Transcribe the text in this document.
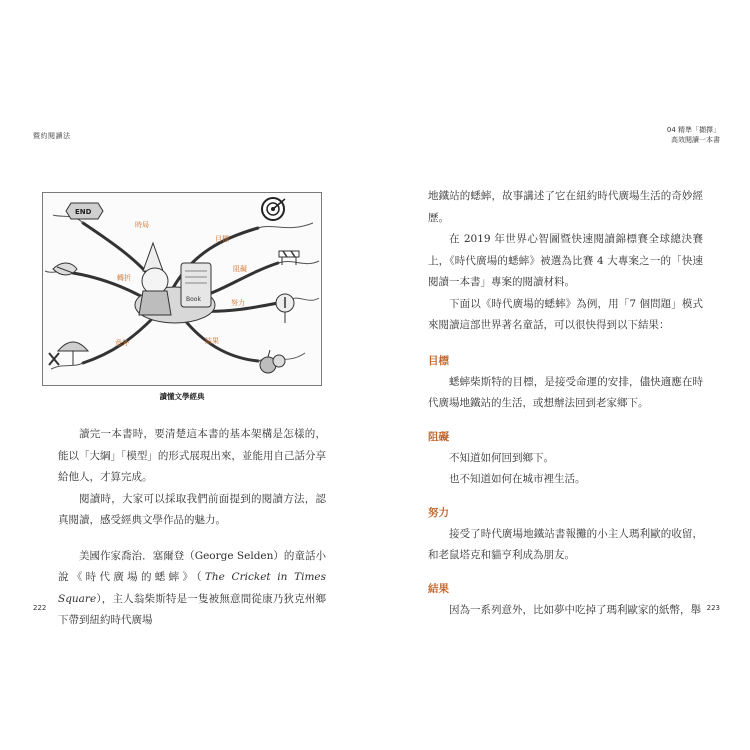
暨約閱讀法
04 精準「擷擇」
高效閱讀一本書
Book
END
時局
目標
轉折
阻礙
努力
意外	結果
讀懂文學經典

讀完一本書時，要清楚這本書的基本架構是怎樣的，能以「大綱」「模型」的形式展現出來，並能用自己話分享給他人，才算完成。

閱讀時，大家可以採取我們前面提到的閱讀方法，認真閱讀，感受經典文學作品的魅力。

美國作家喬治．塞爾登（George Selden）的童話小說《時代廣場的蟋蟀》（The Cricket in Times Square），主人翁柴斯特是一隻被無意間從康乃狄克州鄉下帶到紐約時代廣場

地鐵站的蟋蟀，故事講述了它在紐約時代廣場生活的奇妙經歷。

在 2019 年世界心智圖暨快速閱讀錦標賽全球總決賽上，《時代廣場的蟋蟀》被選為比賽 4 大專案之一的「快速閱讀一本書」專案的閱讀材料。

下面以《時代廣場的蟋蟀》為例，用「7 個問題」模式來閱讀這部世界著名童話，可以很快得到以下結果：

目標

蟋蟀柴斯特的目標，是接受命運的安排，儘快適應在時代廣場地鐵站的生活，或想辦法回到老家鄉下。

阻礙

不知道如何回到鄉下。

也不知道如何在城市裡生活。

努力

接受了時代廣場地鐵站書報攤的小主人瑪利歐的收留，和老鼠塔克和貓亨利成為朋友。

結果

因為一系列意外，比如夢中吃掉了瑪利歐家的紙幣，舉

222	223
